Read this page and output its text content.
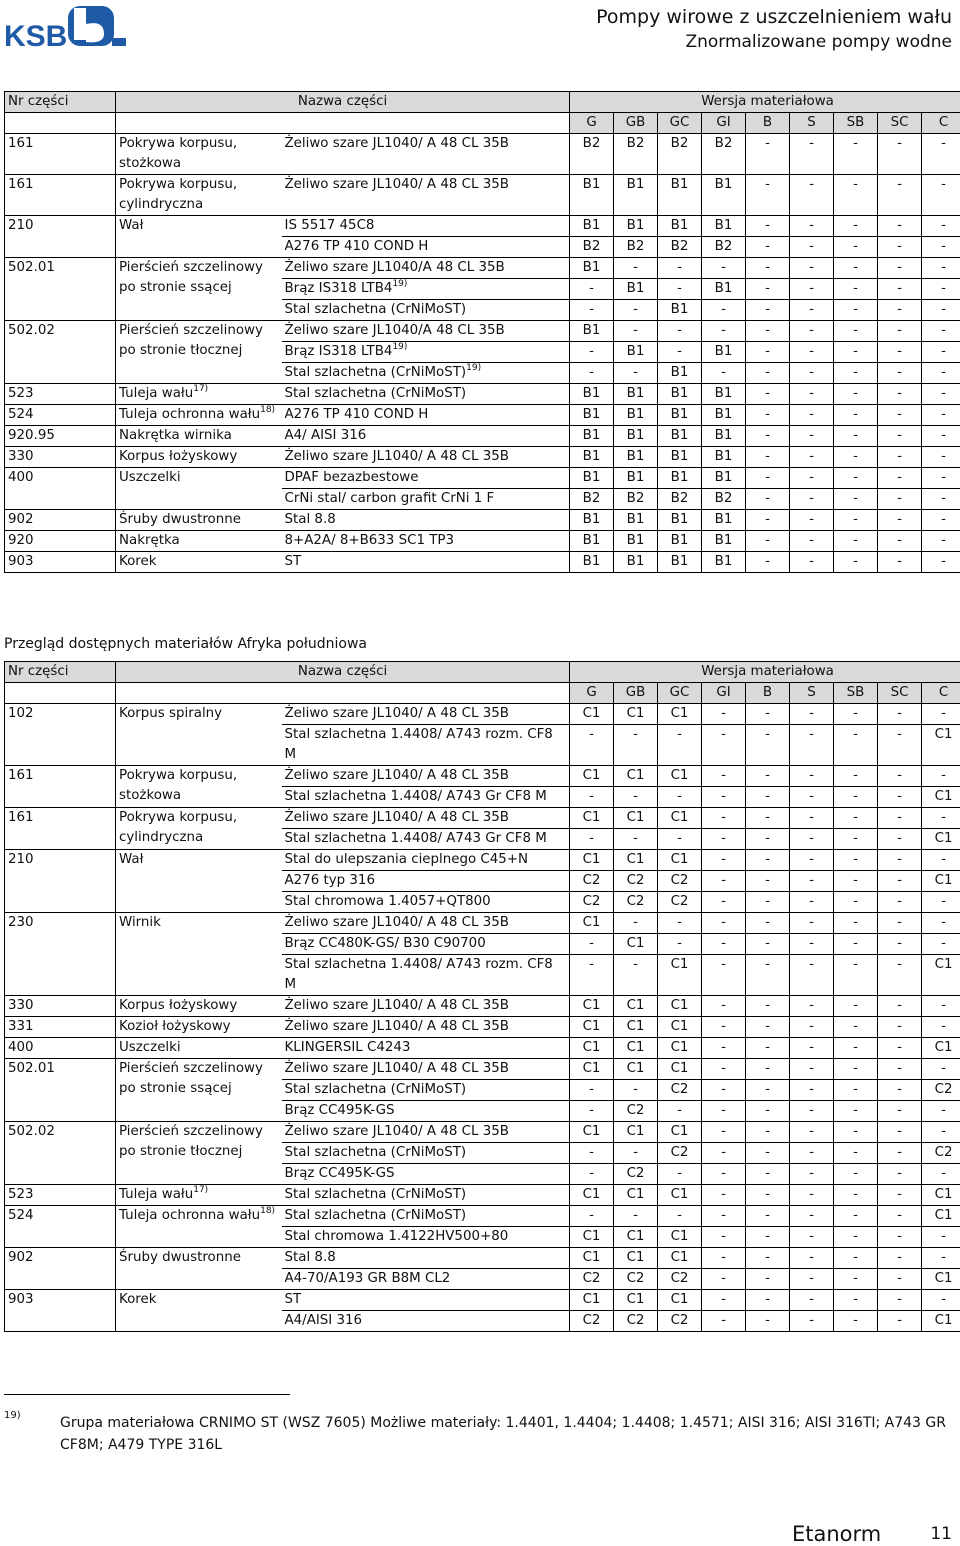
KSB
Pompy wirowe z uszczelnieniem wału
Znormalizowane pompy wodne
Nr części	Nazwa części		Wersja materiałowa								
			G	GB	GC	GI	B	S	SB	SC	C
161	Pokrywa korpusu, stożkowa	Żeliwo szare JL1040/ A 48 CL 35B	B2	B2	B2	B2	-	-	-	-	-
161	Pokrywa korpusu, cylindryczna	Żeliwo szare JL1040/ A 48 CL 35B	B1	B1	B1	B1	-	-	-	-	-
210	Wał	IS 5517 45C8	B1	B1	B1	B1	-	-	-	-	-
		A276 TP 410 COND H	B2	B2	B2	B2	-	-	-	-	-
502.01	Pierścień szczelinowy po stronie ssącej	Żeliwo szare JL1040/A 48 CL 35B	B1	-	-	-	-	-	-	-	-
		Brąz IS318 LTB4$^{19)}$	-	B1	-	B1	-	-	-	-	-
		Stal szlachetna (CrNiMoST)	-	-	B1	-	-	-	-	-	-
502.02	Pierścień szczelinowy po stronie tłocznej	Żeliwo szare JL1040/A 48 CL 35B	B1	-	-	-	-	-	-	-	-
		Brąz IS318 LTB4$^{19)}$	-	B1	-	B1	-	-	-	-	-
		Stal szlachetna (CrNiMoST)$^{19)}$	-	-	B1	-	-	-	-	-	-
523	Tuleja wału$^{17)}$	Stal szlachetna (CrNiMoST)	B1	B1	B1	B1	-	-	-	-	-
524	Tuleja ochronna wału$^{18)}$	A276 TP 410 COND H	B1	B1	B1	B1	-	-	-	-	-
920.95	Nakrętka wirnika	A4/ AISI 316	B1	B1	B1	B1	-	-	-	-	-
330	Korpus łożyskowy	Żeliwo szare JL1040/ A 48 CL 35B	B1	B1	B1	B1	-	-	-	-	-
400	Uszczelki	DPAF bezazbestowe	B1	B1	B1	B1	-	-	-	-	-
		CrNi stal/ carbon grafit CrNi 1 F	B2	B2	B2	B2	-	-	-	-	-
902	Śruby dwustronne	Stal 8.8	B1	B1	B1	B1	-	-	-	-	-
920	Nakrętka	8+A2A/ 8+B633 SC1 TP3	B1	B1	B1	B1	-	-	-	-	-
903	Korek	ST	B1	B1	B1	B1	-	-	-	-	-
Przegląd dostępnych materiałów Afryka południowa
Nr części	Nazwa części		Wersja materiałowa								
			G	GB	GC	GI	B	S	SB	SC	C
102	Korpus spiralny	Żeliwo szare JL1040/ A 48 CL 35B	C1	C1	C1	-	-	-	-	-	-
		Stal szlachetna 1.4408/ A743 rozm. CF8 M	-	-	-	-	-	-	-	-	C1
161	Pokrywa korpusu, stożkowa	Żeliwo szare JL1040/ A 48 CL 35B	C1	C1	C1	-	-	-	-	-	-
		Stal szlachetna 1.4408/ A743 Gr CF8 M	-	-	-	-	-	-	-	-	C1
161	Pokrywa korpusu, cylindryczna	Żeliwo szare JL1040/ A 48 CL 35B	C1	C1	C1	-	-	-	-	-	-
		Stal szlachetna 1.4408/ A743 Gr CF8 M	-	-	-	-	-	-	-	-	C1
210	Wał	Stal do ulepszania cieplnego C45+N	C1	C1	C1	-	-	-	-	-	-
		A276 typ 316	C2	C2	C2	-	-	-	-	-	C1
		Stal chromowa 1.4057+QT800	C2	C2	C2	-	-	-	-	-	-
230	Wirnik	Żeliwo szare JL1040/ A 48 CL 35B	C1	-	-	-	-	-	-	-	-
		Brąz CC480K-GS/ B30 C90700	-	C1	-	-	-	-	-	-	-
		Stal szlachetna 1.4408/ A743 rozm. CF8 M	-	-	C1	-	-	-	-	-	C1
330	Korpus łożyskowy	Żeliwo szare JL1040/ A 48 CL 35B	C1	C1	C1	-	-	-	-	-	-
331	Kozioł łożyskowy	Żeliwo szare JL1040/ A 48 CL 35B	C1	C1	C1	-	-	-	-	-	-
400	Uszczelki	KLINGERSIL C4243	C1	C1	C1	-	-	-	-	-	C1
502.01	Pierścień szczelinowy po stronie ssącej	Żeliwo szare JL1040/ A 48 CL 35B	C1	C1	C1	-	-	-	-	-	-
		Stal szlachetna (CrNiMoST)	-	-	C2	-	-	-	-	-	C2
		Brąz CC495K-GS	-	C2	-	-	-	-	-	-	-
502.02	Pierścień szczelinowy po stronie tłocznej	Żeliwo szare JL1040/ A 48 CL 35B	C1	C1	C1	-	-	-	-	-	-
		Stal szlachetna (CrNiMoST)	-	-	C2	-	-	-	-	-	C2
		Brąz CC495K-GS	-	C2	-	-	-	-	-	-	-
523	Tuleja wału$^{17)}$	Stal szlachetna (CrNiMoST)	C1	C1	C1	-	-	-	-	-	C1
524	Tuleja ochronna wału$^{18)}$	Stal szlachetna (CrNiMoST)	-	-	-	-	-	-	-	-	C1
		Stal chromowa 1.4122HV500+80	C1	C1	C1	-	-	-	-	-	-
902	Śruby dwustronne	Stal 8.8	C1	C1	C1	-	-	-	-	-	-
		A4-70/A193 GR B8M CL2	C2	C2	C2	-	-	-	-	-	C1
903	Korek	ST	C1	C1	C1	-	-	-	-	-	-
		A4/AISI 316	C2	C2	C2	-	-	-	-	-	C1
19)	Grupa materiałowa CRNIMO ST (WSZ 7605) Możliwe materiały: 1.4401, 1.4404; 1.4408; 1.4571; AISI 316; AISI 316TI; A743 GR CF8M; A479 TYPE 316L
Etanorm	11
